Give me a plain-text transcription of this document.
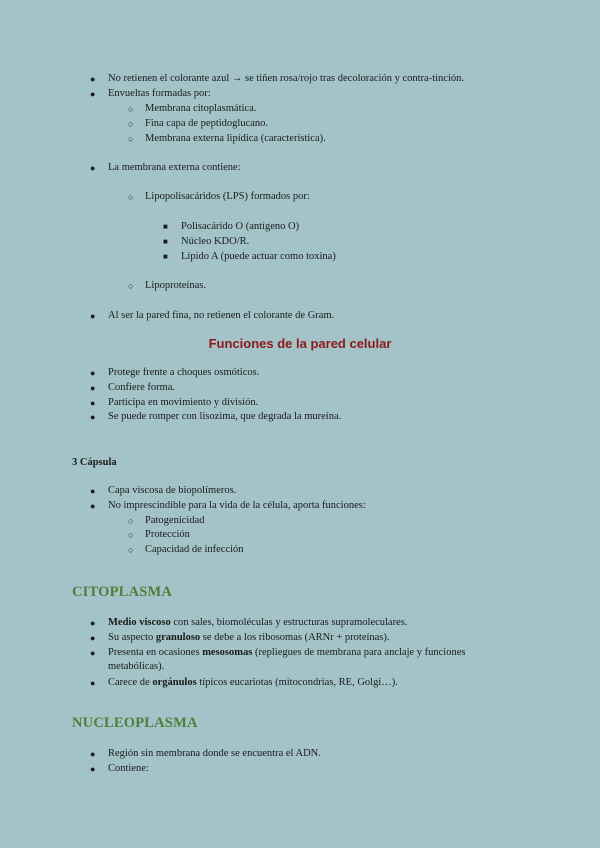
● No retienen el colorante azul → se tiñen rosa/rojo tras decoloración y contra-tinción.
● Envueltas formadas por:
○ Membrana citoplasmática.
○ Fina capa de peptidoglucano.
○ Membrana externa lipídica (característica).
● La membrana externa contiene:
○ Lipopolisacáridos (LPS) formados por:
■ Polisacárido O (antígeno O)
■ Núcleo KDO/R.
■ Lípido A (puede actuar como toxina)
○ Lipoproteínas.
● Al ser la pared fina, no retienen el colorante de Gram.
Funciones de la pared celular
● Protege frente a choques osmóticos.
● Confiere forma.
● Participa en movimiento y división.
● Se puede romper con lisozima, que degrada la mureína.
3 Cápsula
● Capa viscosa de biopolímeros.
● No imprescindible para la vida de la célula, aporta funciones:
○ Patogenicidad
○ Protección
○ Capacidad de infección
CITOPLASMA
● Medio viscoso con sales, biomoléculas y estructuras supramoleculares.
● Su aspecto granuloso se debe a los ribosomas (ARNr + proteínas).
● Presenta en ocasiones mesosomas (repliegues de membrana para anclaje y funciones
metabólicas).
● Carece de orgánulos típicos eucariotas (mitocondrias, RE, Golgi…).
NUCLEOPLASMA
● Región sin membrana donde se encuentra el ADN.
● Contiene:
